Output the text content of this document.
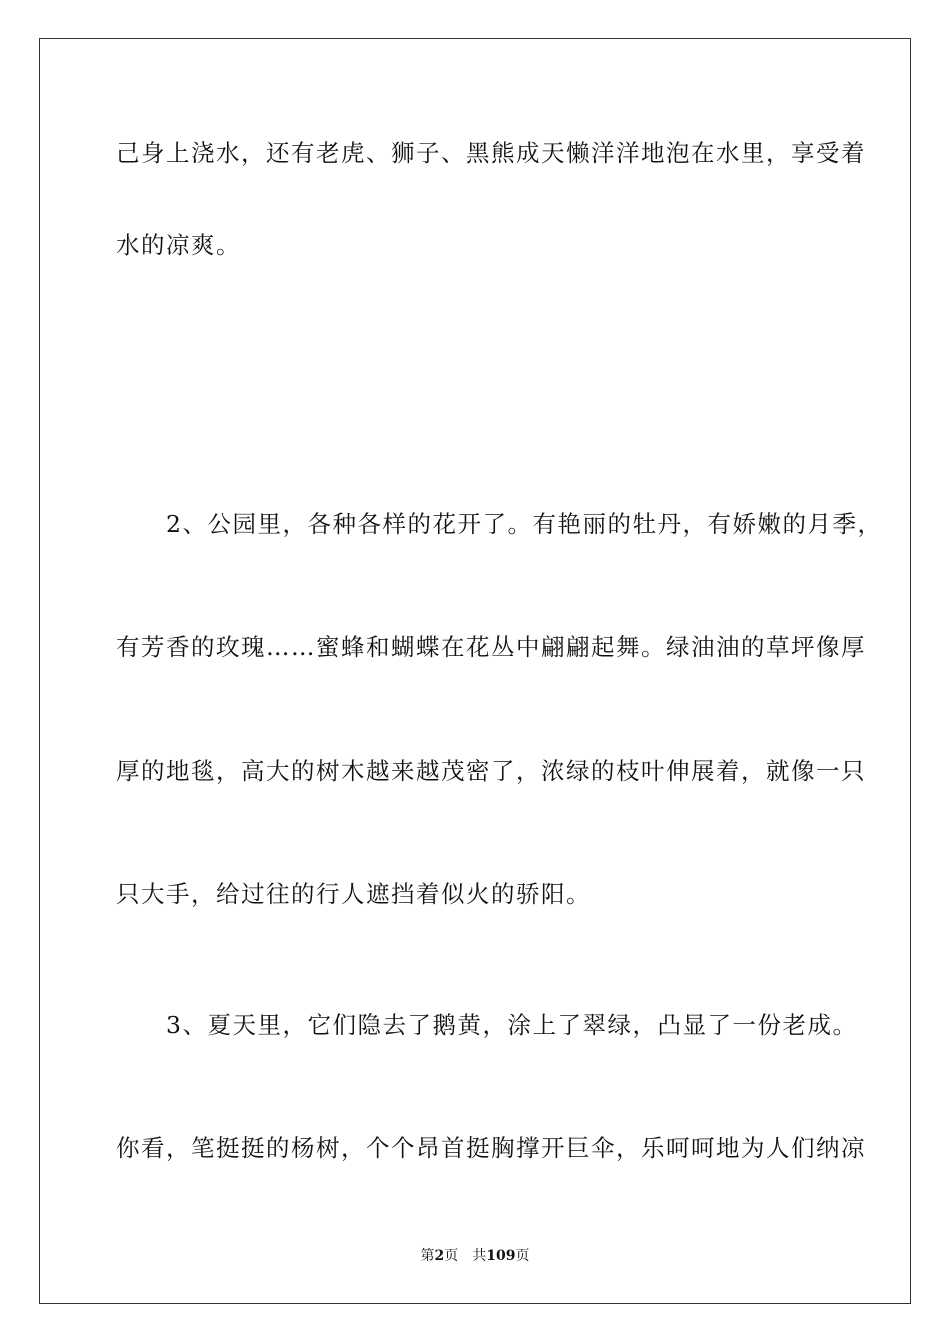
己身上浇水，还有老虎、狮子、黑熊成天懒洋洋地泡在水里，享受着
水的凉爽。
　　2、公园里，各种各样的花开了。有艳丽的牡丹，有娇嫩的月季，
有芳香的玫瑰……蜜蜂和蝴蝶在花丛中翩翩起舞。绿油油的草坪像厚
厚的地毯，高大的树木越来越茂密了，浓绿的枝叶伸展着，就像一只
只大手，给过往的行人遮挡着似火的骄阳。
　　3、夏天里，它们隐去了鹅黄，涂上了翠绿，凸显了一份老成。
你看，笔挺挺的杨树，个个昂首挺胸撑开巨伞，乐呵呵地为人们纳凉
第2页　共109页
